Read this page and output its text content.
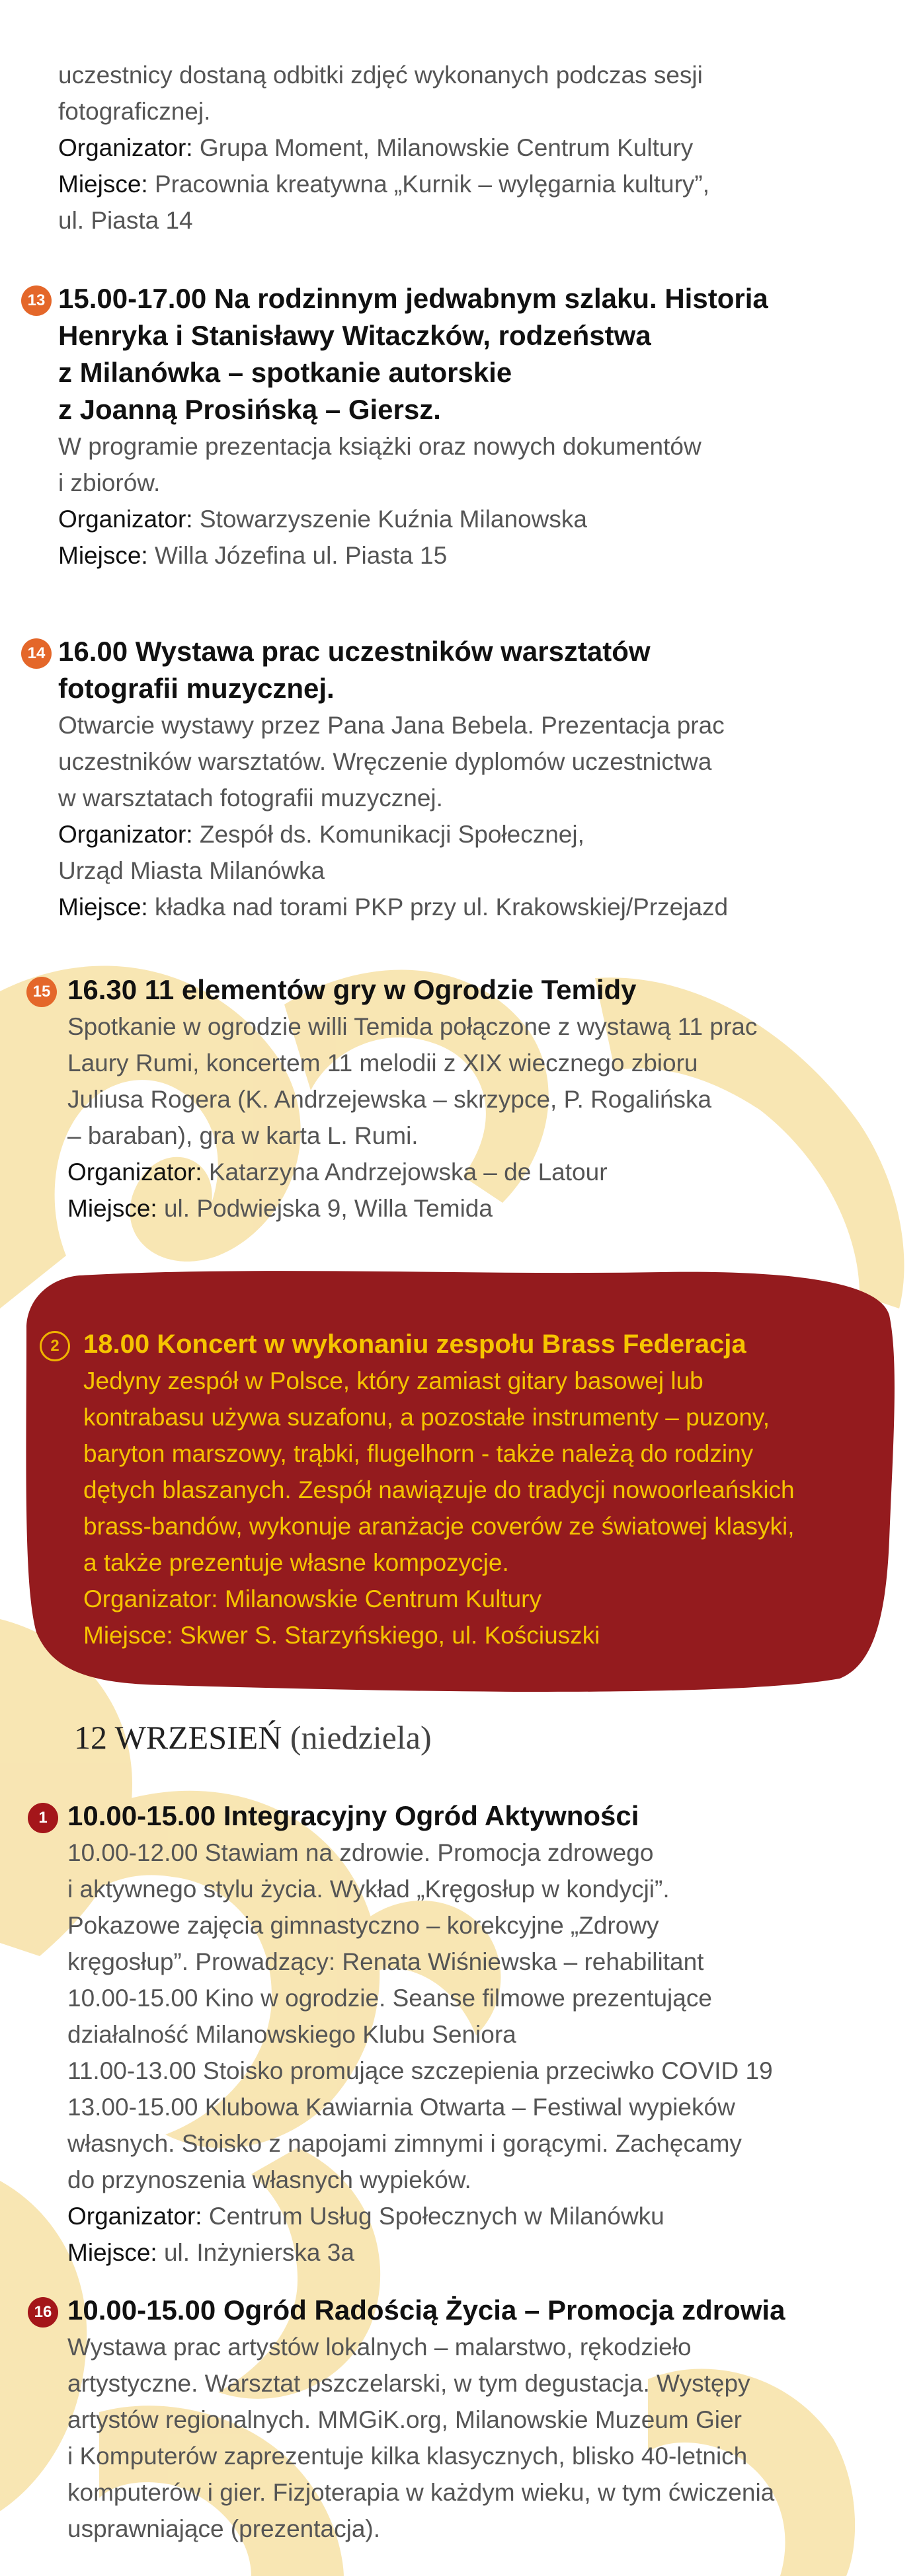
uczestnicy dostaną odbitki zdjęć wykonanych podczas sesji

fotograficznej.

Organizator: Grupa Moment, Milanowskie Centrum Kultury

Miejsce: Pracownia kreatywna „Kurnik – wylęgarnia kultury”,

ul. Piasta 14

13 15.00-17.00 Na rodzinnym jedwabnym szlaku. Historia

Henryka i Stanisławy Witaczków, rodzeństwa

z Milanówka – spotkanie autorskie

z Joanną Prosińską – Giersz.

W programie prezentacja książki oraz nowych dokumentów

i zbiorów.

Organizator: Stowarzyszenie Kuźnia Milanowska

Miejsce: Willa Józefina ul. Piasta 15

14 16.00 Wystawa prac uczestników warsztatów

fotografii muzycznej.

Otwarcie wystawy przez Pana Jana Bebela. Prezentacja prac

uczestników warsztatów. Wręczenie dyplomów uczestnictwa

w warsztatach fotografii muzycznej.

Organizator: Zespół ds. Komunikacji Społecznej,

Urząd Miasta Milanówka

Miejsce: kładka nad torami PKP przy ul. Krakowskiej/Przejazd

15 16.30 11 elementów gry w Ogrodzie Temidy

Spotkanie w ogrodzie willi Temida połączone z wystawą 11 prac

Laury Rumi, koncertem 11 melodii z XIX wiecznego zbioru

Juliusa Rogera (K. Andrzejewska – skrzypce, P. Rogalińska

– baraban), gra w karta L. Rumi.

Organizator: Katarzyna Andrzejowska – de Latour

Miejsce: ul. Podwiejska 9, Willa Temida

2 18.00 Koncert w wykonaniu zespołu Brass Federacja

Jedyny zespół w Polsce, który zamiast gitary basowej lub

kontrabasu używa suzafonu, a pozostałe instrumenty – puzony,

baryton marszowy, trąbki, flugelhorn - także należą do rodziny

dętych blaszanych. Zespół nawiązuje do tradycji nowoorleańskich

brass-bandów, wykonuje aranżacje coverów ze światowej klasyki,

a także prezentuje własne kompozycje.

Organizator: Milanowskie Centrum Kultury

Miejsce: Skwer S. Starzyńskiego, ul. Kościuszki

12 WRZESIEŃ (niedziela)

1 10.00-15.00 Integracyjny Ogród Aktywności

10.00-12.00 Stawiam na zdrowie. Promocja zdrowego

i aktywnego stylu życia. Wykład „Kręgosłup w kondycji”.

Pokazowe zajęcia gimnastyczno – korekcyjne „Zdrowy

kręgosłup”. Prowadzący: Renata Wiśniewska – rehabilitant

10.00-15.00 Kino w ogrodzie. Seanse filmowe prezentujące

działalność Milanowskiego Klubu Seniora

11.00-13.00 Stoisko promujące szczepienia przeciwko COVID 19

13.00-15.00 Klubowa Kawiarnia Otwarta – Festiwal wypieków

własnych. Stoisko z napojami zimnymi i gorącymi. Zachęcamy

do przynoszenia własnych wypieków.

Organizator: Centrum Usług Społecznych w Milanówku

Miejsce: ul. Inżynierska 3a

16 10.00-15.00 Ogród Radością Życia – Promocja zdrowia

Wystawa prac artystów lokalnych – malarstwo, rękodzieło

artystyczne. Warsztat pszczelarski, w tym degustacja. Występy

artystów regionalnych. MMGiK.org, Milanowskie Muzeum Gier

i Komputerów zaprezentuje kilka klasycznych, blisko 40-letnich

komputerów i gier. Fizjoterapia w każdym wieku, w tym ćwiczenia

usprawniające (prezentacja).
